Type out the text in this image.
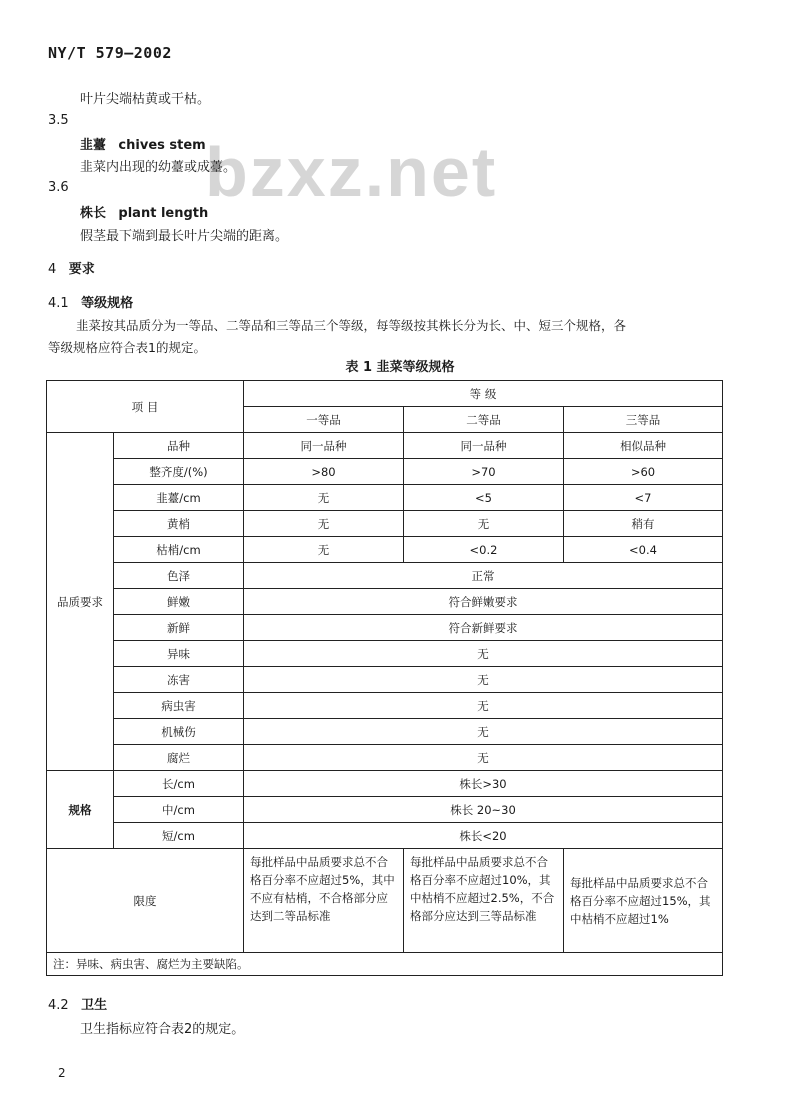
NY/T 579—2002
bzxz.net
叶片尖端枯黄或干枯。
3.5
韭薹 chives stem
韭菜内出现的幼薹或成薹。
3.6
株长 plant length
假茎最下端到最长叶片尖端的距离。
4 要求
4.1 等级规格
韭菜按其品质分为一等品、二等品和三等品三个等级，每等级按其株长分为长、中、短三个规格，各
等级规格应符合表1的规定。
表 1 韭菜等级规格
项 目		等 级		
		一等品	二等品	三等品
品质要求	品种	同一品种	同一品种	相似品种
	整齐度/(%)	>80	>70	>60
	韭薹/cm	无	<5	<7
	黄梢	无	无	稍有
	枯梢/cm	无	<0.2	<0.4
	色泽	正常		
	鲜嫩	符合鲜嫩要求		
	新鲜	符合新鲜要求		
	异味	无		
	冻害	无		
	病虫害	无		
	机械伤	无		
	腐烂	无		
规格	长/cm	株长>30		
	中/cm	株长 20~30		
	短/cm	株长<20		
限度		每批样品中品质要求总不合格百分率不应超过5%，其中不应有枯梢，不合格部分应达到二等品标准	每批样品中品质要求总不合格百分率不应超过10%，其中枯梢不应超过2.5%，不合格部分应达到三等品标准	每批样品中品质要求总不合格百分率不应超过15%，其中枯梢不应超过1%
注：异味、病虫害、腐烂为主要缺陷。				
4.2 卫生
卫生指标应符合表2的规定。
2
